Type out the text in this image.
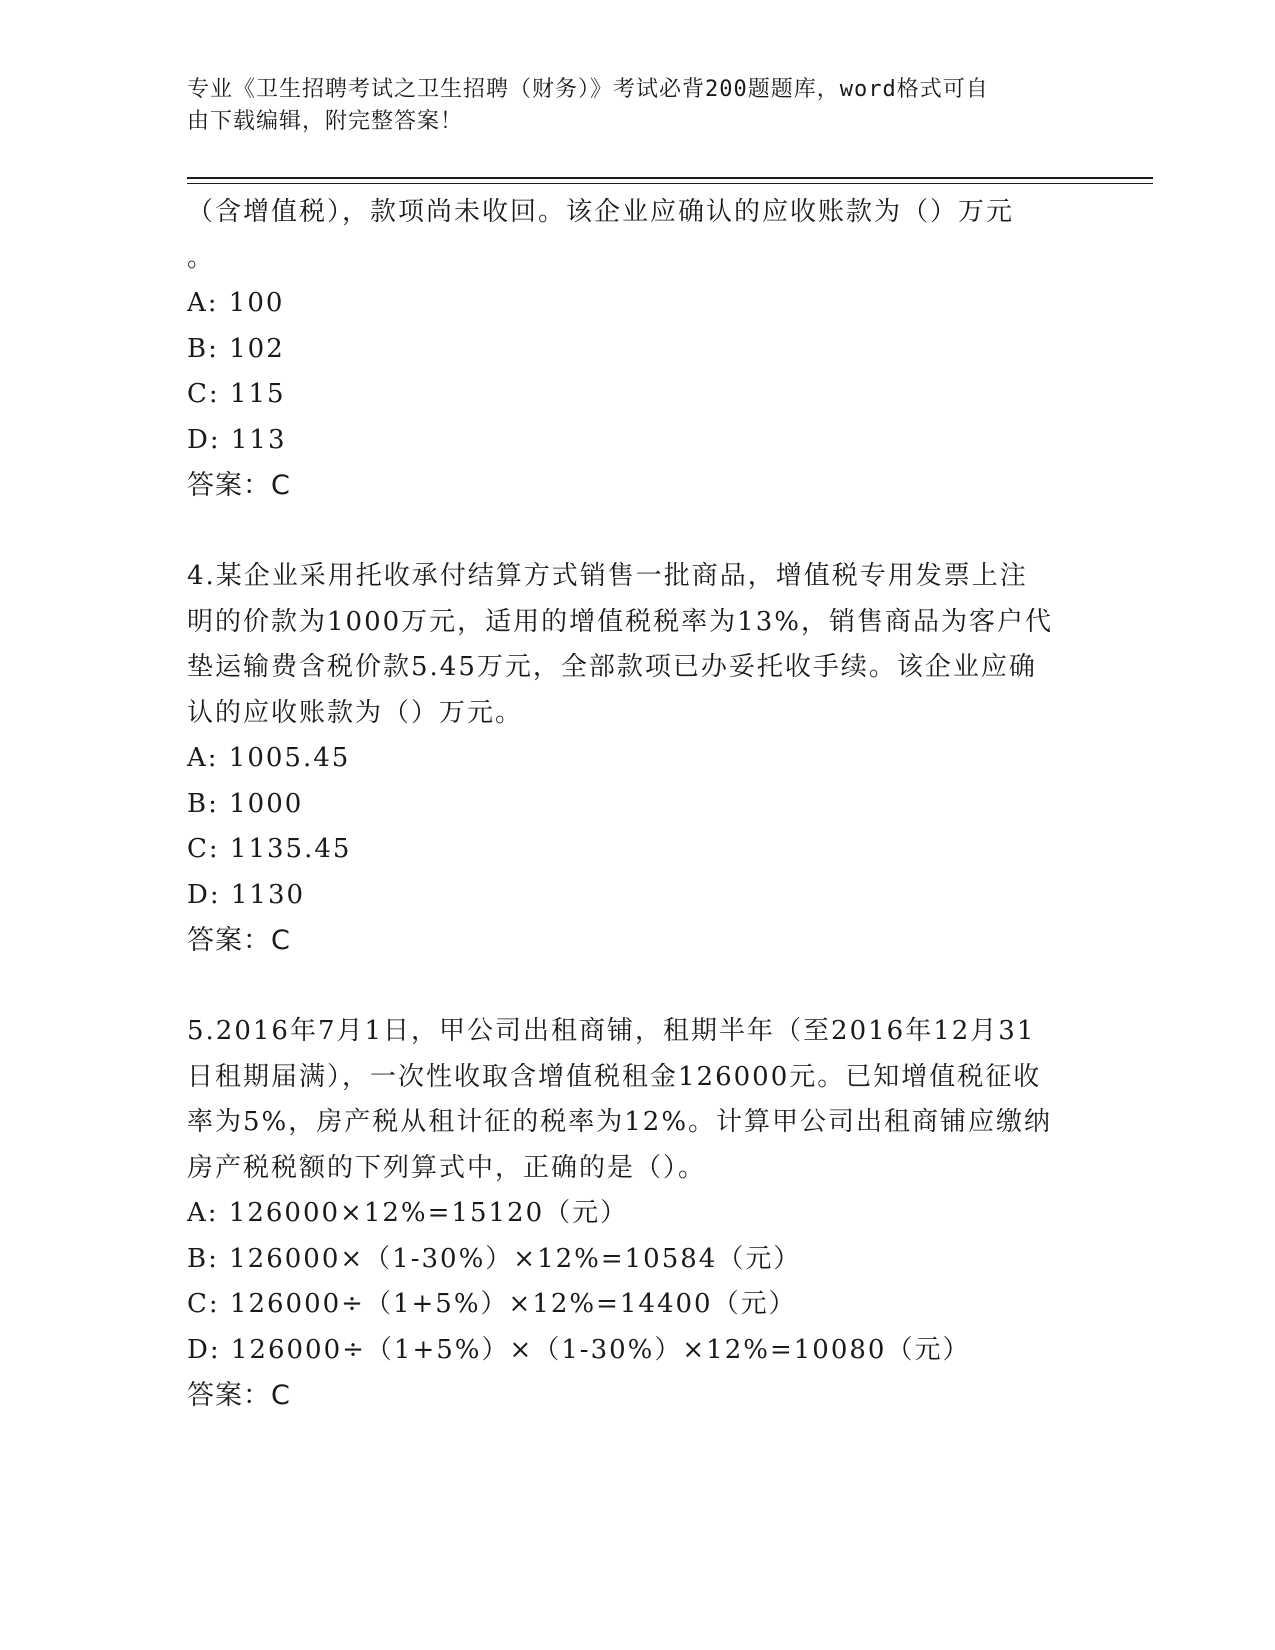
专业《卫生招聘考试之卫生招聘（财务）》考试必背200题题库，word格式可自
由下载编辑，附完整答案！
（含增值税），款项尚未收回。该企业应确认的应收账款为（）万元
。
A: 100
B: 102
C: 115
D: 113
答案：C
4.某企业采用托收承付结算方式销售一批商品，增值税专用发票上注
明的价款为1000万元，适用的增值税税率为13%，销售商品为客户代
垫运输费含税价款5.45万元，全部款项已办妥托收手续。该企业应确
认的应收账款为（）万元。
A: 1005.45
B: 1000
C: 1135.45
D: 1130
答案：C
5.2016年7月1日，甲公司出租商铺，租期半年（至2016年12月31
日租期届满），一次性收取含增值税租金126000元。已知增值税征收
率为5%，房产税从租计征的税率为12%。计算甲公司出租商铺应缴纳
房产税税额的下列算式中，正确的是（）。
A: 126000×12%=15120（元）
B: 126000×（1-30%）×12%=10584（元）
C: 126000÷（1+5%）×12%=14400（元）
D: 126000÷（1+5%）×（1-30%）×12%=10080（元）
答案：C
